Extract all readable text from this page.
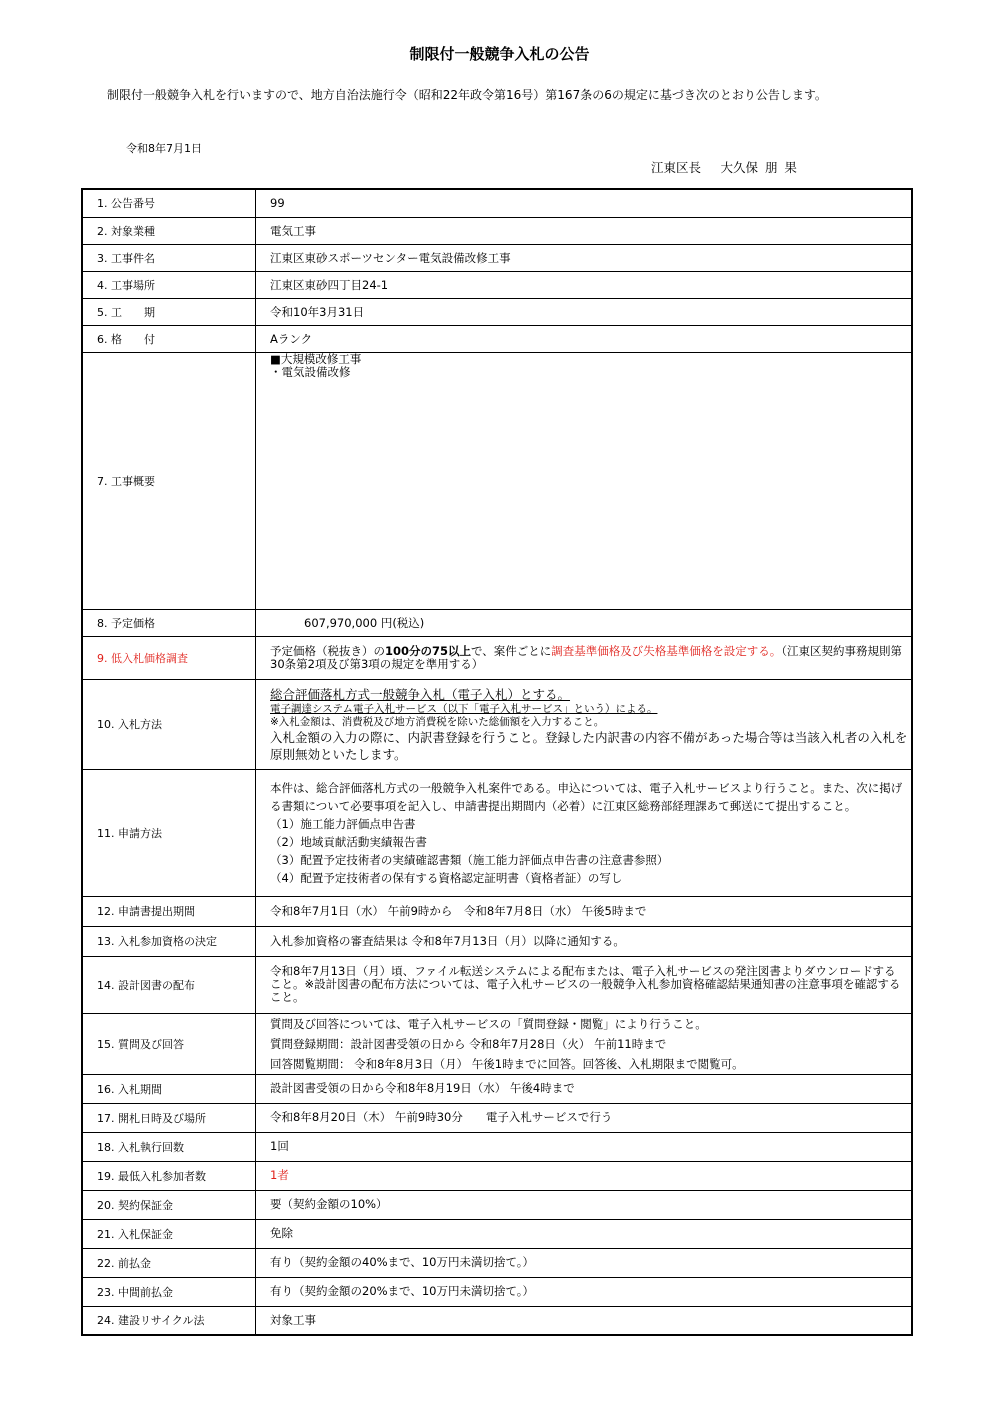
制限付一般競争入札の公告
制限付一般競争入札を行いますので、地方自治法施行令（昭和22年政令第16号）第167条の6の規定に基づき次のとおり公告します。
令和8年7月1日
江東区長　 大久保 朋 果
1. 公告番号	99
2. 対象業種	電気工事
3. 工事件名	江東区東砂スポーツセンター電気設備改修工事
4. 工事場所	江東区東砂四丁目24-1
5. 工　　期	令和10年3月31日
6. 格　　付	Aランク
7. 工事概要	■大規模改修工事
・電気設備改修

8. 予定価格	607,970,000 円(税込)
9. 低入札価格調査	予定価格（税抜き）の100分の75以上で、案件ごとに調査基準価格及び失格基準価格を設定する。（江東区契約事務規則第30条第2項及び第3項の規定を準用する）
10. 入札方法	総合評価落札方式一般競争入札（電子入札）とする。
電子調達システム電子入札サービス（以下「電子入札サービス」という）による。
※入札金額は、消費税及び地方消費税を除いた総価額を入力すること。
入札金額の入力の際に、内訳書登録を行うこと。登録した内訳書の内容不備があった場合等は当該入札者の入札を原則無効といたします。

11. 申請方法	本件は、総合評価落札方式の一般競争入札案件である。申込については、電子入札サービスより行うこと。また、次に掲げる書類について必要事項を記入し、申請書提出期間内（必着）に江東区総務部経理課あて郵送にて提出すること。
（1）施工能力評価点申告書
（2）地域貢献活動実績報告書
（3）配置予定技術者の実績確認書類（施工能力評価点申告書の注意書参照）
（4）配置予定技術者の保有する資格認定証明書（資格者証）の写し

12. 申請書提出期間	令和8年7月1日（水） 午前9時から　令和8年7月8日（水） 午後5時まで
13. 入札参加資格の決定	入札参加資格の審査結果は 令和8年7月13日（月）以降に通知する。
14. 設計図書の配布	令和8年7月13日（月）頃、ファイル転送システムによる配布または、電子入札サービスの発注図書よりダウンロードすること。※設計図書の配布方法については、電子入札サービスの一般競争入札参加資格確認結果通知書の注意事項を確認すること。
15. 質問及び回答	質問及び回答については、電子入札サービスの「質問登録・閲覧」により行うこと。
質問登録期間：設計図書受領の日から 令和8年7月28日（火） 午前11時まで
回答閲覧期間： 令和8年8月3日（月） 午後1時までに回答。回答後、入札期限まで閲覧可。

16. 入札期間	設計図書受領の日から令和8年8月19日（水） 午後4時まで
17. 開札日時及び場所	令和8年8月20日（木） 午前9時30分　　電子入札サービスで行う
18. 入札執行回数	1回
19. 最低入札参加者数	1者
20. 契約保証金	要（契約金額の10%）
21. 入札保証金	免除
22. 前払金	有り（契約金額の40%まで、10万円未満切捨て。）
23. 中間前払金	有り（契約金額の20%まで、10万円未満切捨て。）
24. 建設リサイクル法	対象工事
